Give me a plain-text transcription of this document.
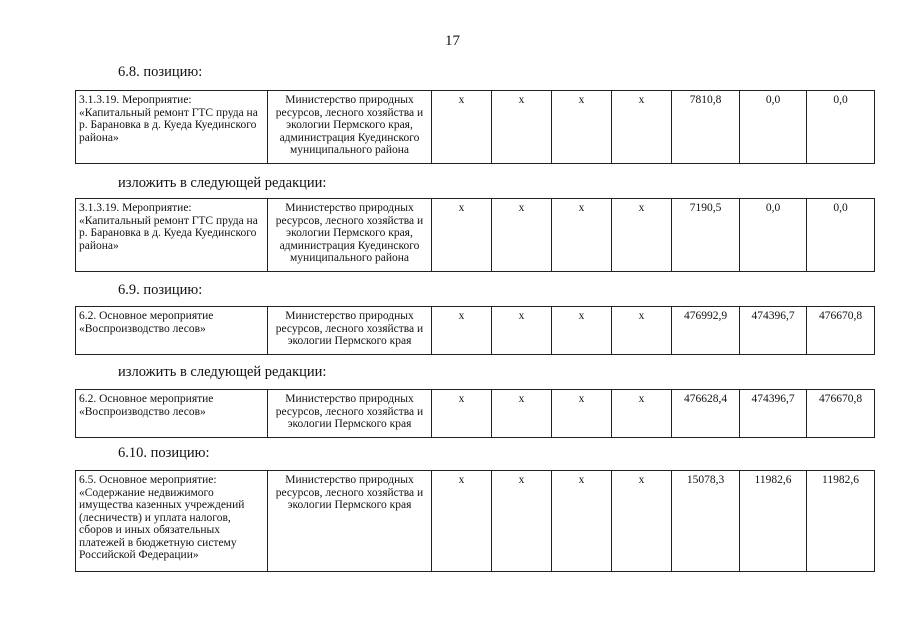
17
6.8. позицию:
3.1.3.19. Мероприятие: «Капитальный ремонт ГТС пруда на р. Барановка в д. Куеда Куединского района»	Министерство природных ресурсов, лесного хозяйства и экологии Пермского края, администрация Куединского муниципального района	x	x	x	x	7810,8	0,0	0,0
изложить в следующей редакции:
3.1.3.19. Мероприятие: «Капитальный ремонт ГТС пруда на р. Барановка в д. Куеда Куединского района»	Министерство природных ресурсов, лесного хозяйства и экологии Пермского края, администрация Куединского муниципального района	x	x	x	x	7190,5	0,0	0,0
6.9. позицию:
6.2. Основное мероприятие «Воспроизводство лесов»	Министерство природных ресурсов, лесного хозяйства и экологии Пермского края	x	x	x	x	476992,9	474396,7	476670,8
изложить в следующей редакции:
6.2. Основное мероприятие «Воспроизводство лесов»	Министерство природных ресурсов, лесного хозяйства и экологии Пермского края	x	x	x	x	476628,4	474396,7	476670,8
6.10. позицию:
6.5. Основное мероприятие: «Содержание недвижимого имущества казенных учреждений (лесничеств) и уплата налогов, сборов и иных обязательных платежей в бюджетную систему Российской Федерации»	Министерство природных ресурсов, лесного хозяйства и экологии Пермского края	x	x	x	x	15078,3	11982,6	11982,6
